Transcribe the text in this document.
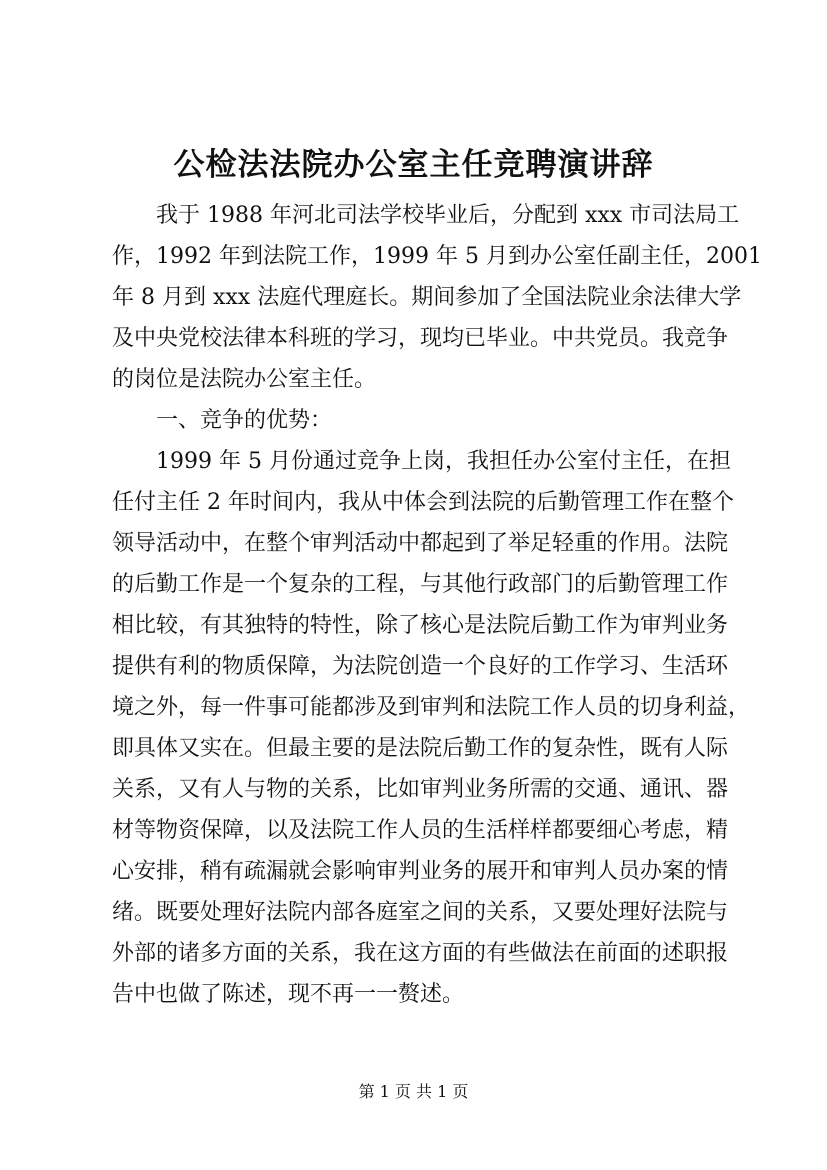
公检法法院办公室主任竞聘演讲辞
我于 1988 年河北司法学校毕业后，分配到 xxx 市司法局工
作，1992 年到法院工作，1999 年 5 月到办公室任副主任，2001
年 8 月到 xxx 法庭代理庭长。期间参加了全国法院业余法律大学
及中央党校法律本科班的学习，现均已毕业。中共党员。我竞争
的岗位是法院办公室主任。
一、竞争的优势：
1999 年 5 月份通过竞争上岗，我担任办公室付主任，在担
任付主任 2 年时间内，我从中体会到法院的后勤管理工作在整个
领导活动中，在整个审判活动中都起到了举足轻重的作用。法院
的后勤工作是一个复杂的工程，与其他行政部门的后勤管理工作
相比较，有其独特的特性，除了核心是法院后勤工作为审判业务
提供有利的物质保障，为法院创造一个良好的工作学习、生活环
境之外，每一件事可能都涉及到审判和法院工作人员的切身利益，
即具体又实在。但最主要的是法院后勤工作的复杂性，既有人际
关系，又有人与物的关系，比如审判业务所需的交通、通讯、器
材等物资保障，以及法院工作人员的生活样样都要细心考虑，精
心安排，稍有疏漏就会影响审判业务的展开和审判人员办案的情
绪。既要处理好法院内部各庭室之间的关系，又要处理好法院与
外部的诸多方面的关系，我在这方面的有些做法在前面的述职报
告中也做了陈述，现不再一一赘述。
第 1 页 共 1 页
